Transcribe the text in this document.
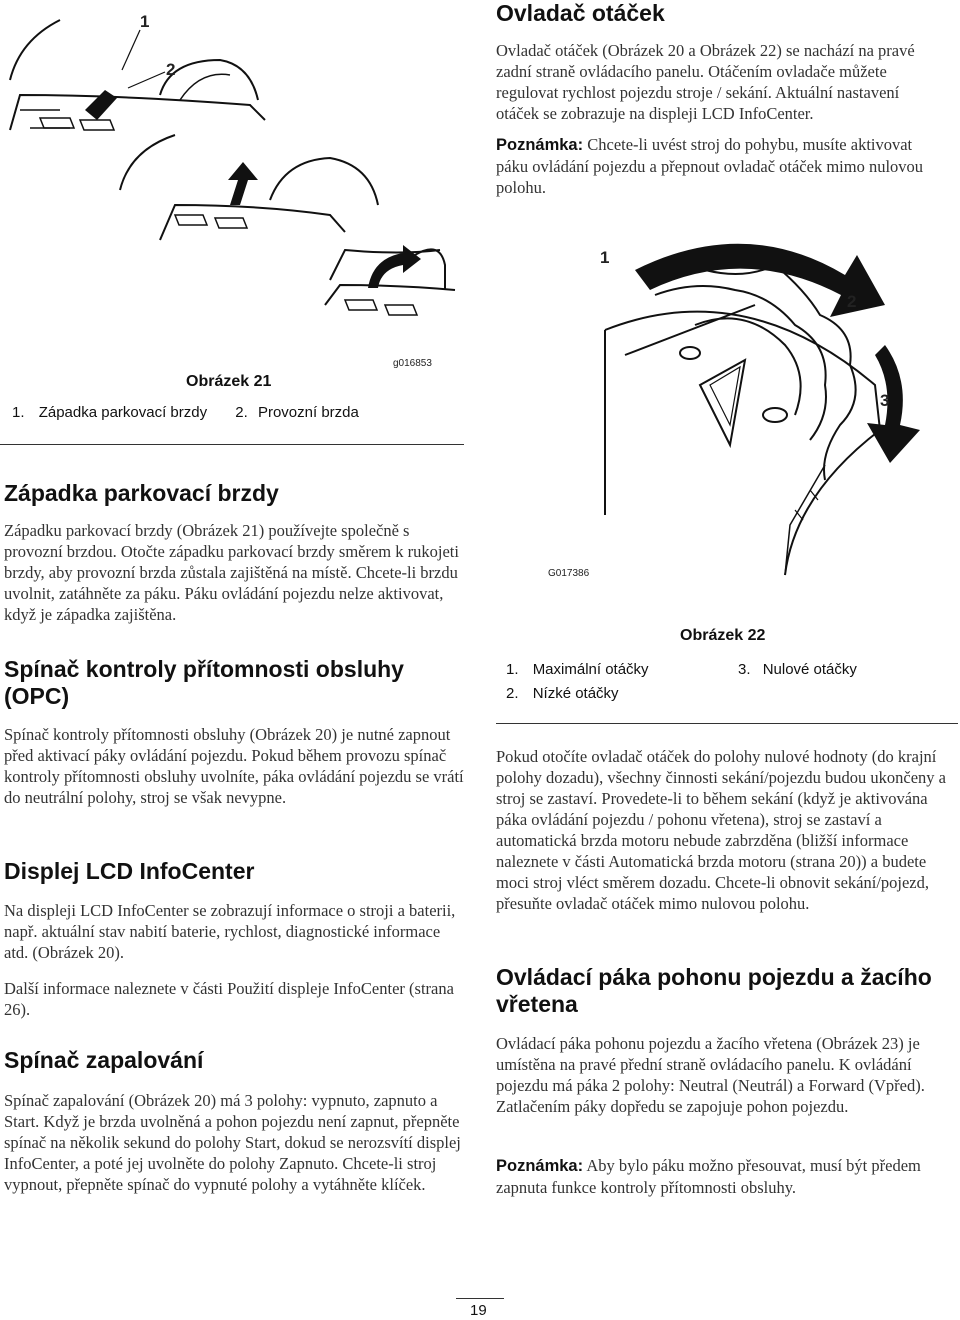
1
2
g016853
Obrázek 21
1. Západka parkovací brzdy 2. Provozní brzda
Ovladač otáček

Ovladač otáček (Obrázek 20 a Obrázek 22) se nachází na pravé zadní straně ovládacího panelu. Otáčením ovladače můžete regulovat rychlost pojezdu stroje / sekání. Aktuální nastavení otáček se zobrazuje na displeji LCD InfoCenter.

Poznámka: Chcete-li uvést stroj do pohybu, musíte aktivovat páku ovládání pojezdu a přepnout ovladač otáček mimo nulovou polohu.

1
2
3
G017386
Obrázek 22
1. Maximální otáčky	3. Nulové otáčky
2. Nízké otáčky
Západka parkovací brzdy

Západku parkovací brzdy (Obrázek 21) používejte společně s provozní brzdou. Otočte západku parkovací brzdy směrem k rukojeti brzdy, aby provozní brzda zůstala zajištěná na místě. Chcete-li brzdu uvolnit, zatáhněte za páku. Páku ovládání pojezdu nelze aktivovat, když je západka zajištěna.

Spínač kontroly přítomnosti obsluhy (OPC)

Spínač kontroly přítomnosti obsluhy (Obrázek 20) je nutné zapnout před aktivací páky ovládání pojezdu. Pokud během provozu spínač kontroly přítomnosti obsluhy uvolníte, páka ovládání pojezdu se vrátí do neutrální polohy, stroj se však nevypne.

Displej LCD InfoCenter

Na displeji LCD InfoCenter se zobrazují informace o stroji a baterii, např. aktuální stav nabití baterie, rychlost, diagnostické informace atd. (Obrázek 20).

Další informace naleznete v části Použití displeje InfoCenter (strana 26).

Spínač zapalování

Spínač zapalování (Obrázek 20) má 3 polohy: vypnuto, zapnuto a Start. Když je brzda uvolněná a pohon pojezdu není zapnut, přepněte spínač na několik sekund do polohy Start, dokud se nerozsvítí displej InfoCenter, a poté jej uvolněte do polohy Zapnuto. Chcete-li stroj vypnout, přepněte spínač do vypnuté polohy a vytáhněte klíček.

Pokud otočíte ovladač otáček do polohy nulové hodnoty (do krajní polohy dozadu), všechny činnosti sekání/pojezdu budou ukončeny a stroj se zastaví. Provedete-li to během sekání (když je aktivována páka ovládání pojezdu / pohonu vřetena), stroj se zastaví a automatická brzda motoru nebude zabrzděna (bližší informace naleznete v části Automatická brzda motoru (strana 20)) a budete moci stroj vléct směrem dozadu. Chcete-li obnovit sekání/pojezd, přesuňte ovladač otáček mimo nulovou polohu.

Ovládací páka pohonu pojezdu a žacího vřetena

Ovládací páka pohonu pojezdu a žacího vřetena (Obrázek 23) je umístěna na pravé přední straně ovládacího panelu. K ovládání pojezdu má páka 2 polohy: Neutral (Neutrál) a Forward (Vpřed). Zatlačením páky dopředu se zapojuje pohon pojezdu.

Poznámka: Aby bylo páku možno přesouvat, musí být předem zapnuta funkce kontroly přítomnosti obsluhy.

19
